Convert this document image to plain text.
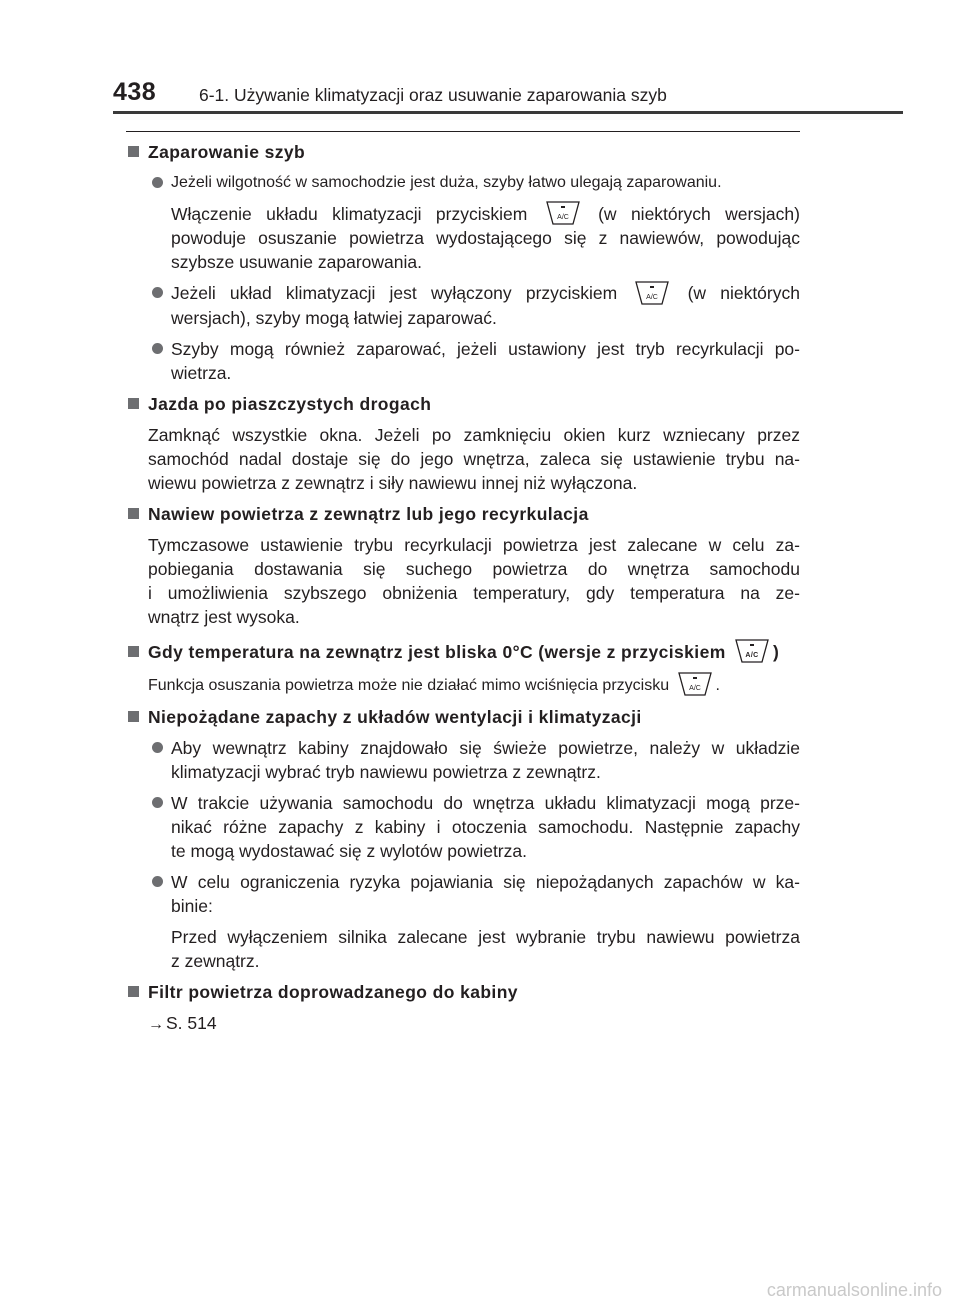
438 6-1. Używanie klimatyzacji oraz usuwanie zaparowania szyb
Zaparowanie szyb
Jeżeli wilgotność w samochodzie jest duża, szyby łatwo ulegają zaparowaniu.
Włączenie układu klimatyzacji przyciskiem	A/C (w niektórych wersjach)
powoduje osuszanie powietrza wydostającego się z nawiewów, powodując
szybsze usuwanie zaparowania.
Jeżeli układ klimatyzacji jest wyłączony przyciskiem	A/C (w niektórych
wersjach), szyby mogą łatwiej zaparować.
Szyby mogą również zaparować, jeżeli ustawiony jest tryb recyrkulacji po-
wietrza.
Jazda po piaszczystych drogach
Zamknąć wszystkie okna. Jeżeli po zamknięciu okien kurz wzniecany przez
samochód nadal dostaje się do jego wnętrza, zaleca się ustawienie trybu na-
wiewu powietrza z zewnątrz i siły nawiewu innej niż wyłączona.
Nawiew powietrza z zewnątrz lub jego recyrkulacja
Tymczasowe ustawienie trybu recyrkulacji powietrza jest zalecane w celu za-
pobiegania dostawania się suchego powietrza do wnętrza samochodu
i umożliwienia szybszego obniżenia temperatury, gdy temperatura na ze-
wnątrz jest wysoka.
Gdy temperatura na zewnątrz jest bliska 0°C (wersje z przyciskiem	A/C )
Funkcja osuszania powietrza może nie działać mimo wciśnięcia przycisku	A/C .
Niepożądane zapachy z układów wentylacji i klimatyzacji
Aby wewnątrz kabiny znajdowało się świeże powietrze, należy w układzie
klimatyzacji wybrać tryb nawiewu powietrza z zewnątrz.
W trakcie używania samochodu do wnętrza układu klimatyzacji mogą prze-
nikać różne zapachy z kabiny i otoczenia samochodu. Następnie zapachy
te mogą wydostawać się z wylotów powietrza.
W celu ograniczenia ryzyka pojawiania się niepożądanych zapachów w ka-
binie:
Przed wyłączeniem silnika zalecane jest wybranie trybu nawiewu powietrza
z zewnątrz.
Filtr powietrza doprowadzanego do kabiny
→ S. 514
carmanualsonline.info
